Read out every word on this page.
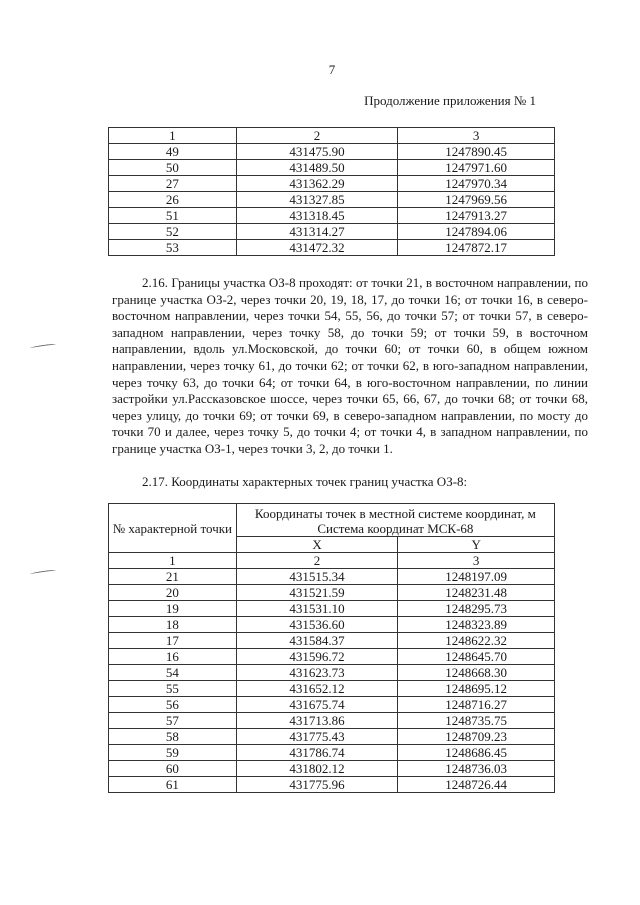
7
Продолжение приложения № 1
1	2	3
49	431475.90	1247890.45
50	431489.50	1247971.60
27	431362.29	1247970.34
26	431327.85	1247969.56
51	431318.45	1247913.27
52	431314.27	1247894.06
53	431472.32	1247872.17

2.16. Границы участка ОЗ-8 проходят: от точки 21, в восточном направлении, по границе участка ОЗ-2, через точки 20, 19, 18, 17, до точки 16; от точки 16, в северо-восточном направлении, через точки 54, 55, 56, до точки 57; от точки 57, в северо-западном направлении, через точку 58, до точки 59; от точки 59, в восточном направлении, вдоль ул.Московской, до точки 60; от точки 60, в общем южном направлении, через точку 61, до точки 62; от точки 62, в юго-западном направлении, через точку 63, до точки 64; от точки 64, в юго-восточном направлении, по линии застройки ул.Рассказовское шоссе, через точки 65, 66, 67, до точки 68; от точки 68, через улицу, до точки 69; от точки 69, в северо-западном направлении, по мосту до точки 70 и далее, через точку 5, до точки 4; от точки 4, в западном направлении, по границе участка ОЗ-1, через точки 3, 2, до точки 1.

2.17. Координаты характерных точек границ участка ОЗ-8:

№ характерной точки	Координаты точек в местной системе координат, м Система координат МСК-68	
	X	Y
1	2	3
21	431515.34	1248197.09
20	431521.59	1248231.48
19	431531.10	1248295.73
18	431536.60	1248323.89
17	431584.37	1248622.32
16	431596.72	1248645.70
54	431623.73	1248668.30
55	431652.12	1248695.12
56	431675.74	1248716.27
57	431713.86	1248735.75
58	431775.43	1248709.23
59	431786.74	1248686.45
60	431802.12	1248736.03
61	431775.96	1248726.44
